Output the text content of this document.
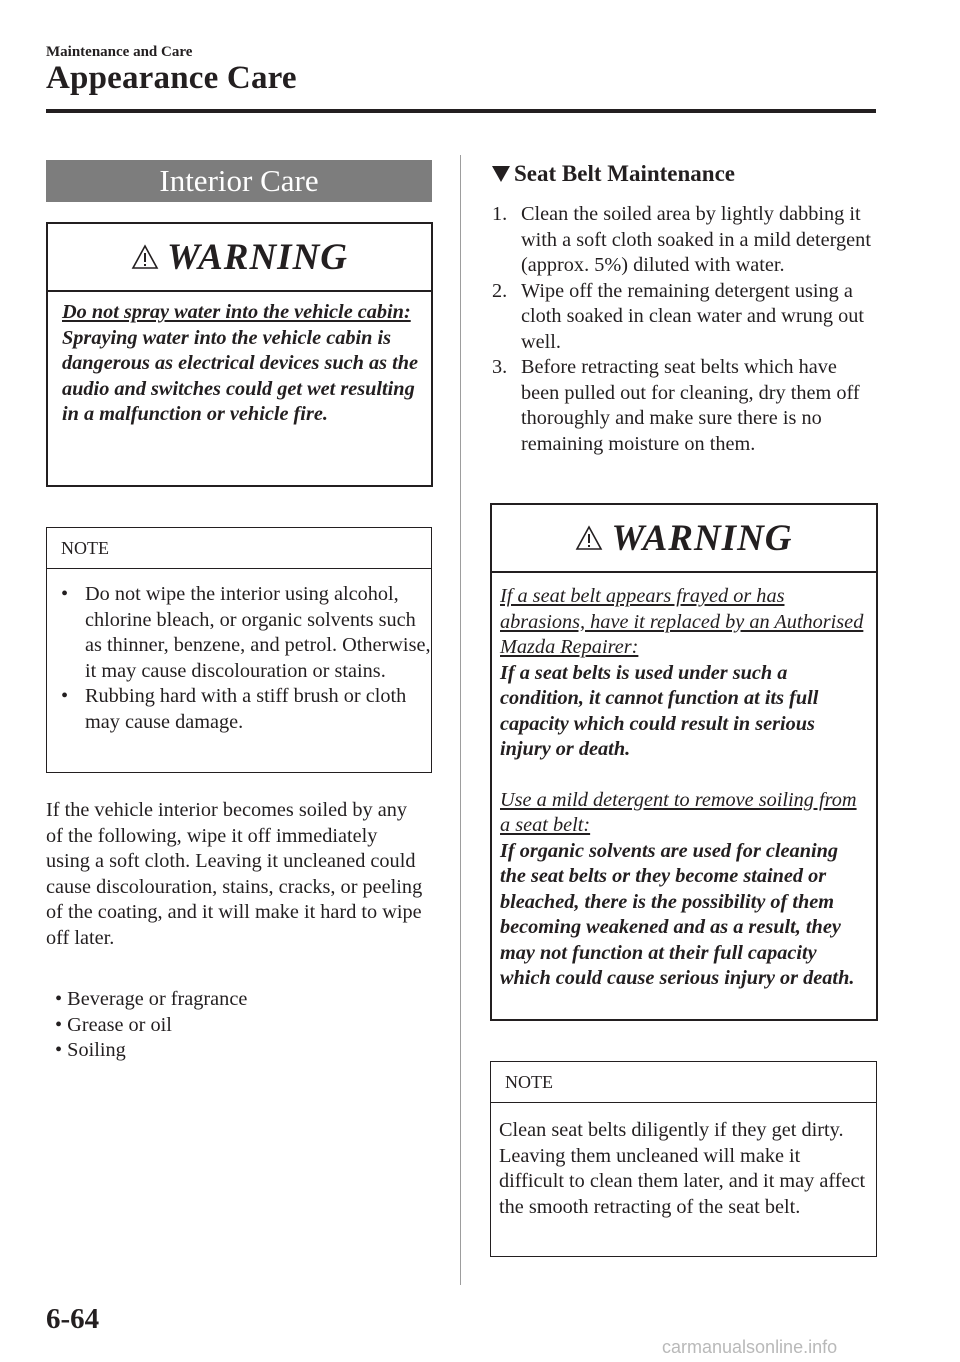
Maintenance and Care
Appearance Care
Interior Care
WARNING

Do not spray water into the vehicle cabin:

Spraying water into the vehicle cabin is dangerous as electrical devices such as the audio and switches could get wet resulting in a malfunction or vehicle fire.

NOTE
• Do not wipe the interior using alcohol, chlorine bleach, or organic solvents such as thinner, benzene, and petrol. Otherwise, it may cause discolouration or stains.
• Rubbing hard with a stiff brush or cloth may cause damage.
If the vehicle interior becomes soiled by any of the following, wipe it off immediately using a soft cloth. Leaving it uncleaned could cause discolouration, stains, cracks, or peeling of the coating, and it will make it hard to wipe off later.
• Beverage or fragrance
• Grease or oil
• Soiling
Seat Belt Maintenance
1. Clean the soiled area by lightly dabbing it with a soft cloth soaked in a mild detergent (approx. 5%) diluted with water.
2. Wipe off the remaining detergent using a cloth soaked in clean water and wrung out well.
3. Before retracting seat belts which have been pulled out for cleaning, dry them off thoroughly and make sure there is no remaining moisture on them.
WARNING

If a seat belt appears frayed or has abrasions, have it replaced by an Authorised Mazda Repairer:

If a seat belts is used under such a condition, it cannot function at its full capacity which could result in serious injury or death.

Use a mild detergent to remove soiling from a seat belt:

If organic solvents are used for cleaning the seat belts or they become stained or bleached, there is the possibility of them becoming weakened and as a result, they may not function at their full capacity which could cause serious injury or death.

NOTE
Clean seat belts diligently if they get dirty. Leaving them uncleaned will make it difficult to clean them later, and it may affect the smooth retracting of the seat belt.
6-64
carmanualsonline.info
